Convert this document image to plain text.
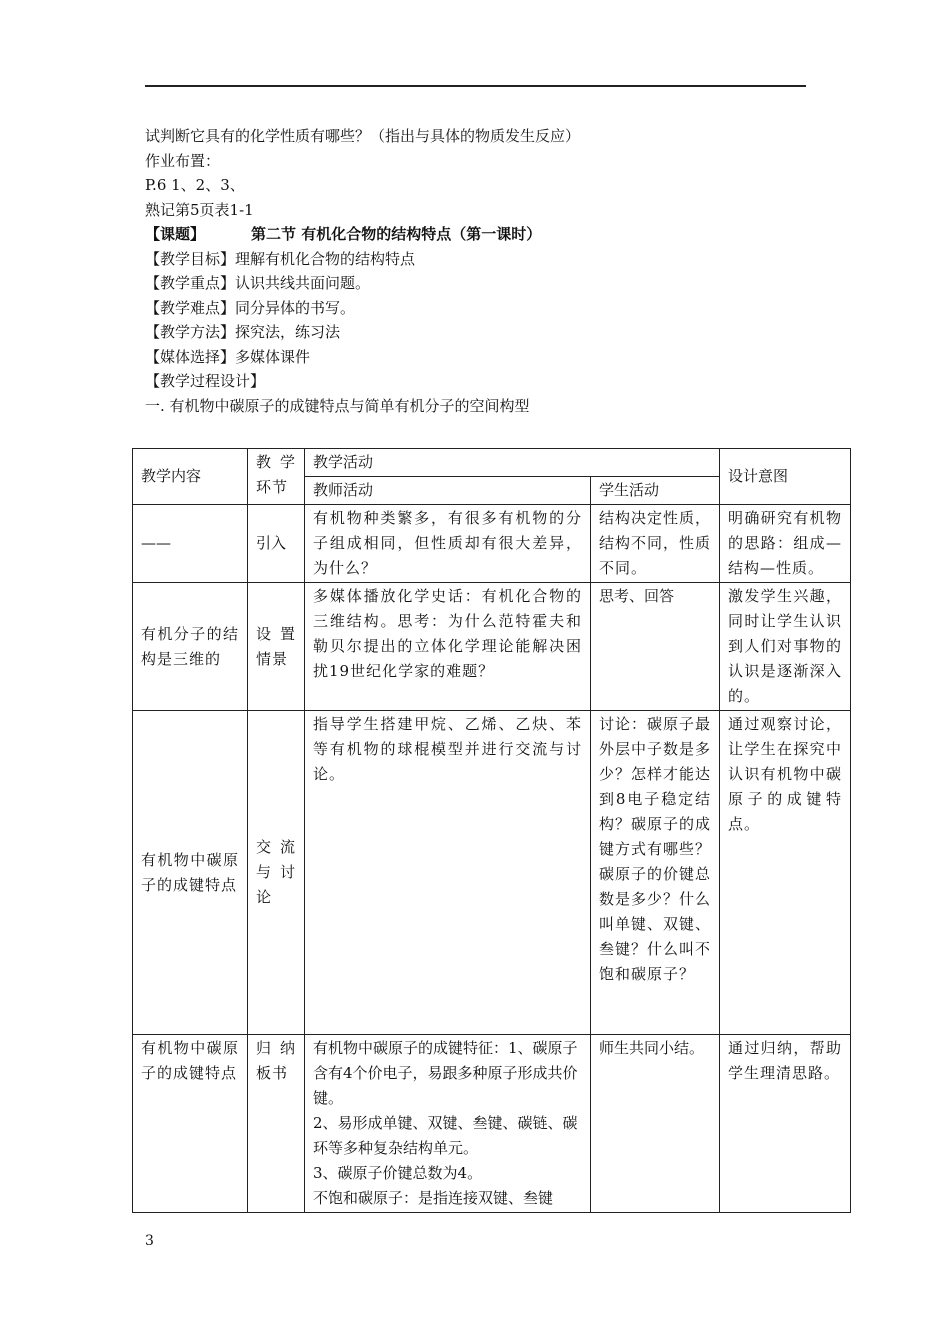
试判断它具有的化学性质有哪些？（指出与具体的物质发生反应）
作业布置：
P.6 1、2、3、
熟记第5页表1-1
【课题】	第二节 有机化合物的结构特点（第一课时）
【教学目标】理解有机化合物的结构特点
【教学重点】认识共线共面问题。
【教学难点】同分异体的书写。
【教学方法】探究法，练习法
【媒体选择】多媒体课件
【教学过程设计】
一. 有机物中碳原子的成键特点与简单有机分子的空间构型
教学内容	教 学 环节	教学活动		设计意图
		教师活动	学生活动	
——	引入	有机物种类繁多，有很多有机物的分子组成相同，但性质却有很大差异，为什么？	结构决定性质，结构不同，性质不同。	明确研究有机物的思路：组成—结构—性质。
有机分子的结构是三维的	设 置 情景	多媒体播放化学史话：有机化合物的三维结构。思考：为什么范特霍夫和勒贝尔提出的立体化学理论能解决困扰19世纪化学家的难题？	思考、回答	激发学生兴趣，同时让学生认识到人们对事物的认识是逐渐深入的。
有机物中碳原子的成键特点	交 流 与 讨 论	指导学生搭建甲烷、乙烯、乙炔、苯等有机物的球棍模型并进行交流与讨论。	讨论：碳原子最外层中子数是多少？怎样才能达到8电子稳定结构？碳原子的成键方式有哪些？碳原子的价键总数是多少？什么叫单键、双键、叁键？什么叫不饱和碳原子？	通过观察讨论，让学生在探究中认识有机物中碳原子的成键特点。
有机物中碳原子的成键特点	归 纳 板书	有机物中碳原子的成键特征：1、碳原子含有4个价电子，易跟多种原子形成共价键。
2、易形成单键、双键、叁键、碳链、碳环等多种复杂结构单元。
3、碳原子价键总数为4。
不饱和碳原子：是指连接双键、叁键	师生共同小结。	通过归纳，帮助学生理清思路。
3
